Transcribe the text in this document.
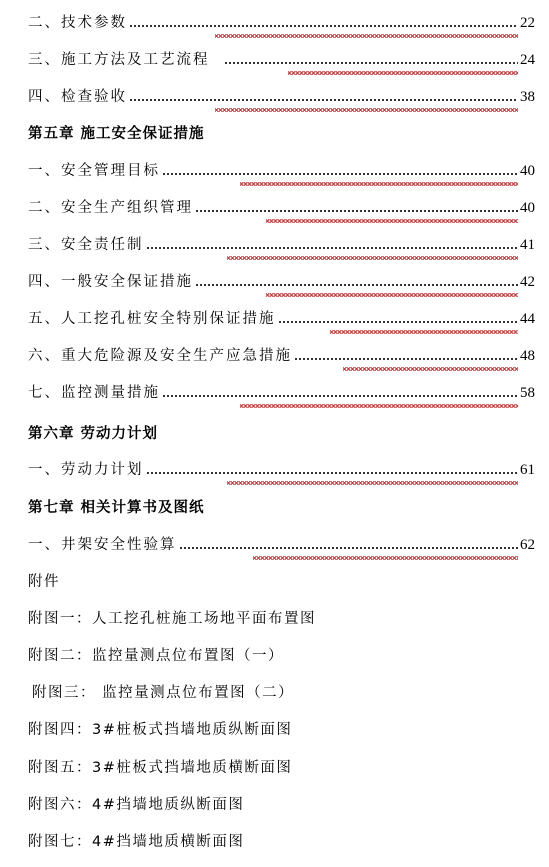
二、技术参数	22
三、施工方法及工艺流程	24
四、检查验收	38
第五章 施工安全保证措施
一、安全管理目标	40
二、安全生产组织管理	40
三、安全责任制	41
四、一般安全保证措施	42
五、人工挖孔桩安全特别保证措施	44
六、重大危险源及安全生产应急措施	48
七、监控测量措施	58
第六章 劳动力计划
一、劳动力计划	61
第七章 相关计算书及图纸
一、井架安全性验算	62
附件
附图一：人工挖孔桩施工场地平面布置图
附图二：监控量测点位布置图（一）
附图三： 监控量测点位布置图（二）
附图四：3#桩板式挡墙地质纵断面图
附图五：3#桩板式挡墙地质横断面图
附图六：4#挡墙地质纵断面图
附图七：4#挡墙地质横断面图
